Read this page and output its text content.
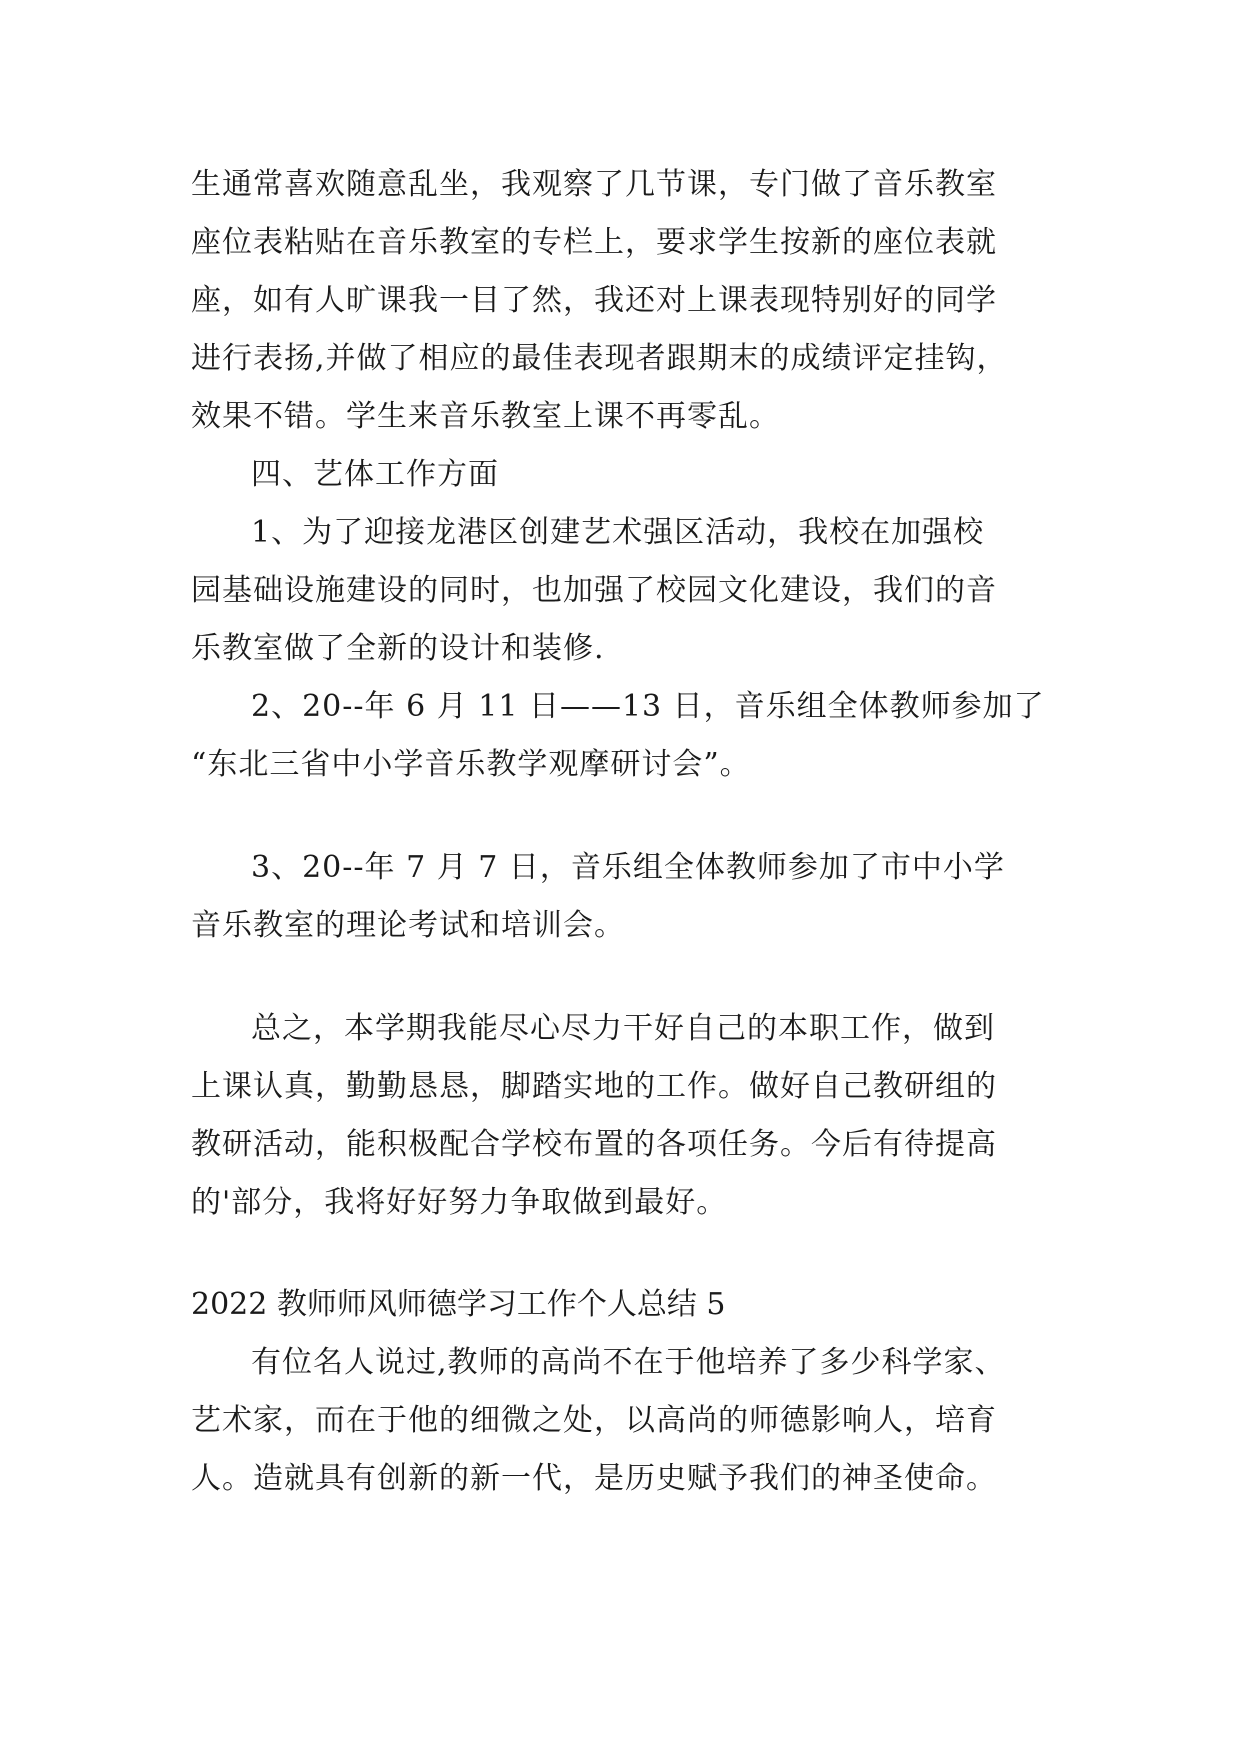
生通常喜欢随意乱坐，我观察了几节课，专门做了音乐教室
座位表粘贴在音乐教室的专栏上，要求学生按新的座位表就
座，如有人旷课我一目了然，我还对上课表现特别好的同学
进行表扬,并做了相应的最佳表现者跟期末的成绩评定挂钩，
效果不错。学生来音乐教室上课不再零乱。
四、艺体工作方面
1、为了迎接龙港区创建艺术强区活动，我校在加强校
园基础设施建设的同时，也加强了校园文化建设，我们的音
乐教室做了全新的设计和装修.
2、20--年 6 月 11 日——13 日，音乐组全体教师参加了
“东北三省中小学音乐教学观摩研讨会”。
3、20--年 7 月 7 日，音乐组全体教师参加了市中小学
音乐教室的理论考试和培训会。
总之，本学期我能尽心尽力干好自己的本职工作，做到
上课认真，勤勤恳恳，脚踏实地的工作。做好自己教研组的
教研活动，能积极配合学校布置的各项任务。今后有待提高
的'部分，我将好好努力争取做到最好。
2022 教师师风师德学习工作个人总结 5
有位名人说过,教师的高尚不在于他培养了多少科学家、
艺术家，而在于他的细微之处，以高尚的师德影响人，培育
人。造就具有创新的新一代，是历史赋予我们的神圣使命。
